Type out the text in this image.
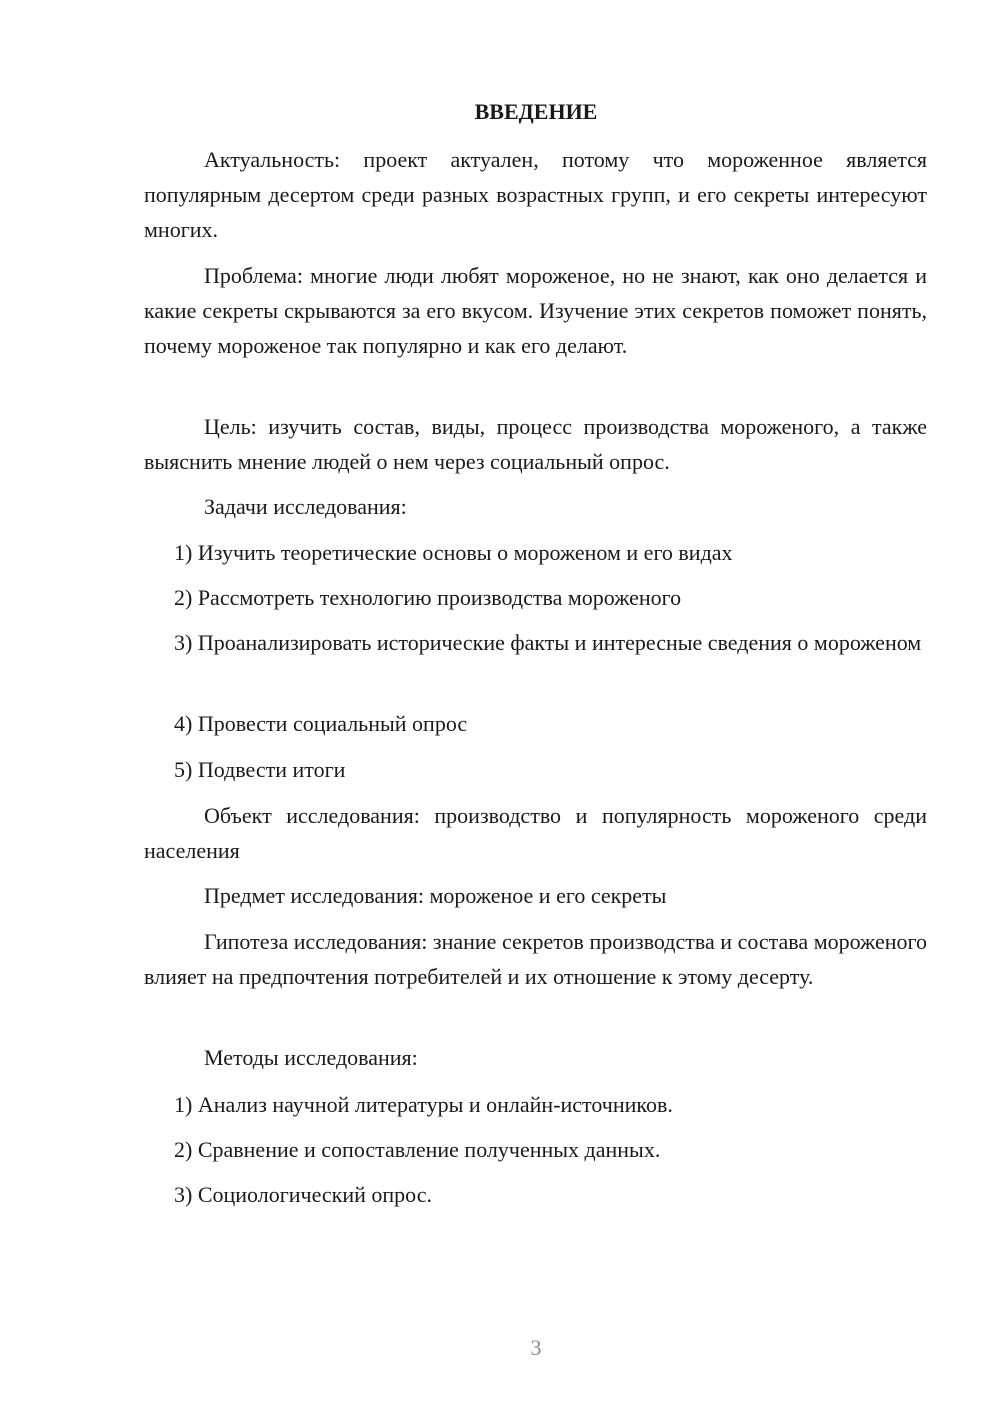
ВВЕДЕНИЕ

Актуальность: проект актуален, потому что мороженное является популярным десертом среди разных возрастных групп, и его секреты интересуют многих.

Проблема: многие люди любят мороженое, но не знают, как оно делается и какие секреты скрываются за его вкусом. Изучение этих секретов поможет понять, почему мороженое так популярно и как его делают.

Цель: изучить состав, виды, процесс производства мороженого, а также выяснить мнение людей о нем через социальный опрос.

Задачи исследования:

1) Изучить теоретические основы о мороженом и его видах

2) Рассмотреть технологию производства мороженого

3) Проанализировать исторические факты и интересные сведения о мороженом

4) Провести социальный опрос

5) Подвести итоги

Объект исследования: производство и популярность мороженого среди населения

Предмет исследования: мороженое и его секреты

Гипотеза исследования: знание секретов производства и состава мороженого влияет на предпочтения потребителей и их отношение к этому десерту.

Методы исследования:

1) Анализ научной литературы и онлайн-источников.

2) Сравнение и сопоставление полученных данных.

3) Социологический опрос.

3
